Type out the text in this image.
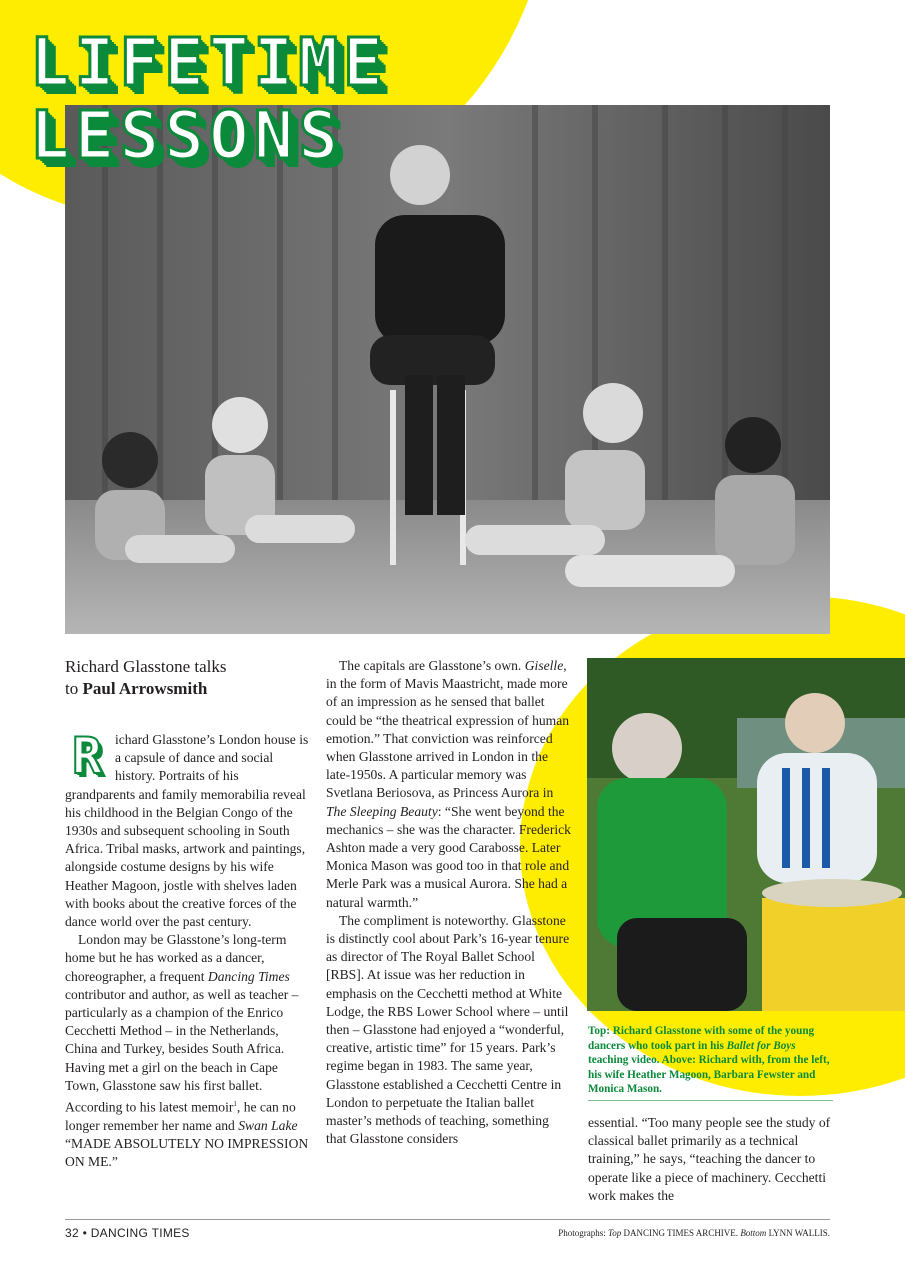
LIFETIME
LESSONS
Richard Glasstone talks
to Paul Arrowsmith

Richard Glasstone’s London house is a capsule of dance and social history. Portraits of his grandparents and family memorabilia reveal his childhood in the Belgian Congo of the 1930s and subsequent schooling in South Africa. Tribal masks, artwork and paintings, alongside costume designs by his wife Heather Magoon, jostle with shelves laden with books about the creative forces of the dance world over the past century.

London may be Glasstone’s long-term home but he has worked as a dancer, choreographer, a frequent Dancing Times contributor and author, as well as teacher – particularly as a champion of the Enrico Cecchetti Method – in the Netherlands, China and Turkey, besides South Africa. Having met a girl on the beach in Cape Town, Glasstone saw his first ballet. According to his latest memoir$^1$, he can no longer remember her name and Swan Lake “MADE ABSOLUTELY NO IMPRESSION ON ME.”

The capitals are Glasstone’s own. Giselle, in the form of Mavis Maastricht, made more of an impression as he sensed that ballet could be “the theatrical expression of human emotion.” That conviction was reinforced when Glasstone arrived in London in the late-1950s. A particular memory was Svetlana Beriosova, as Princess Aurora in The Sleeping Beauty: “She went beyond the mechanics – she was the character. Frederick Ashton made a very good Carabosse. Later Monica Mason was good too in that role and Merle Park was a musical Aurora. She had a natural warmth.”

The compliment is noteworthy. Glasstone is distinctly cool about Park’s 16-year tenure as director of The Royal Ballet School [RBS]. At issue was her reduction in emphasis on the Cecchetti method at White Lodge, the RBS Lower School where – until then – Glasstone had enjoyed a “wonderful, creative, artistic time” for 15 years. Park’s regime began in 1983. The same year, Glasstone established a Cecchetti Centre in London to perpetuate the Italian ballet master’s methods of teaching, something that Glasstone considers

Top: Richard Glasstone with some of the young dancers who took part in his Ballet for Boys teaching video. Above: Richard with, from the left, his wife Heather Magoon, Barbara Fewster and Monica Mason.

essential. “Too many people see the study of classical ballet primarily as a technical training,” he says, “teaching the dancer to operate like a piece of machinery. Cecchetti work makes the

32 • DANCING TIMES	Photographs: Top DANCING TIMES ARCHIVE. Bottom LYNN WALLIS.
